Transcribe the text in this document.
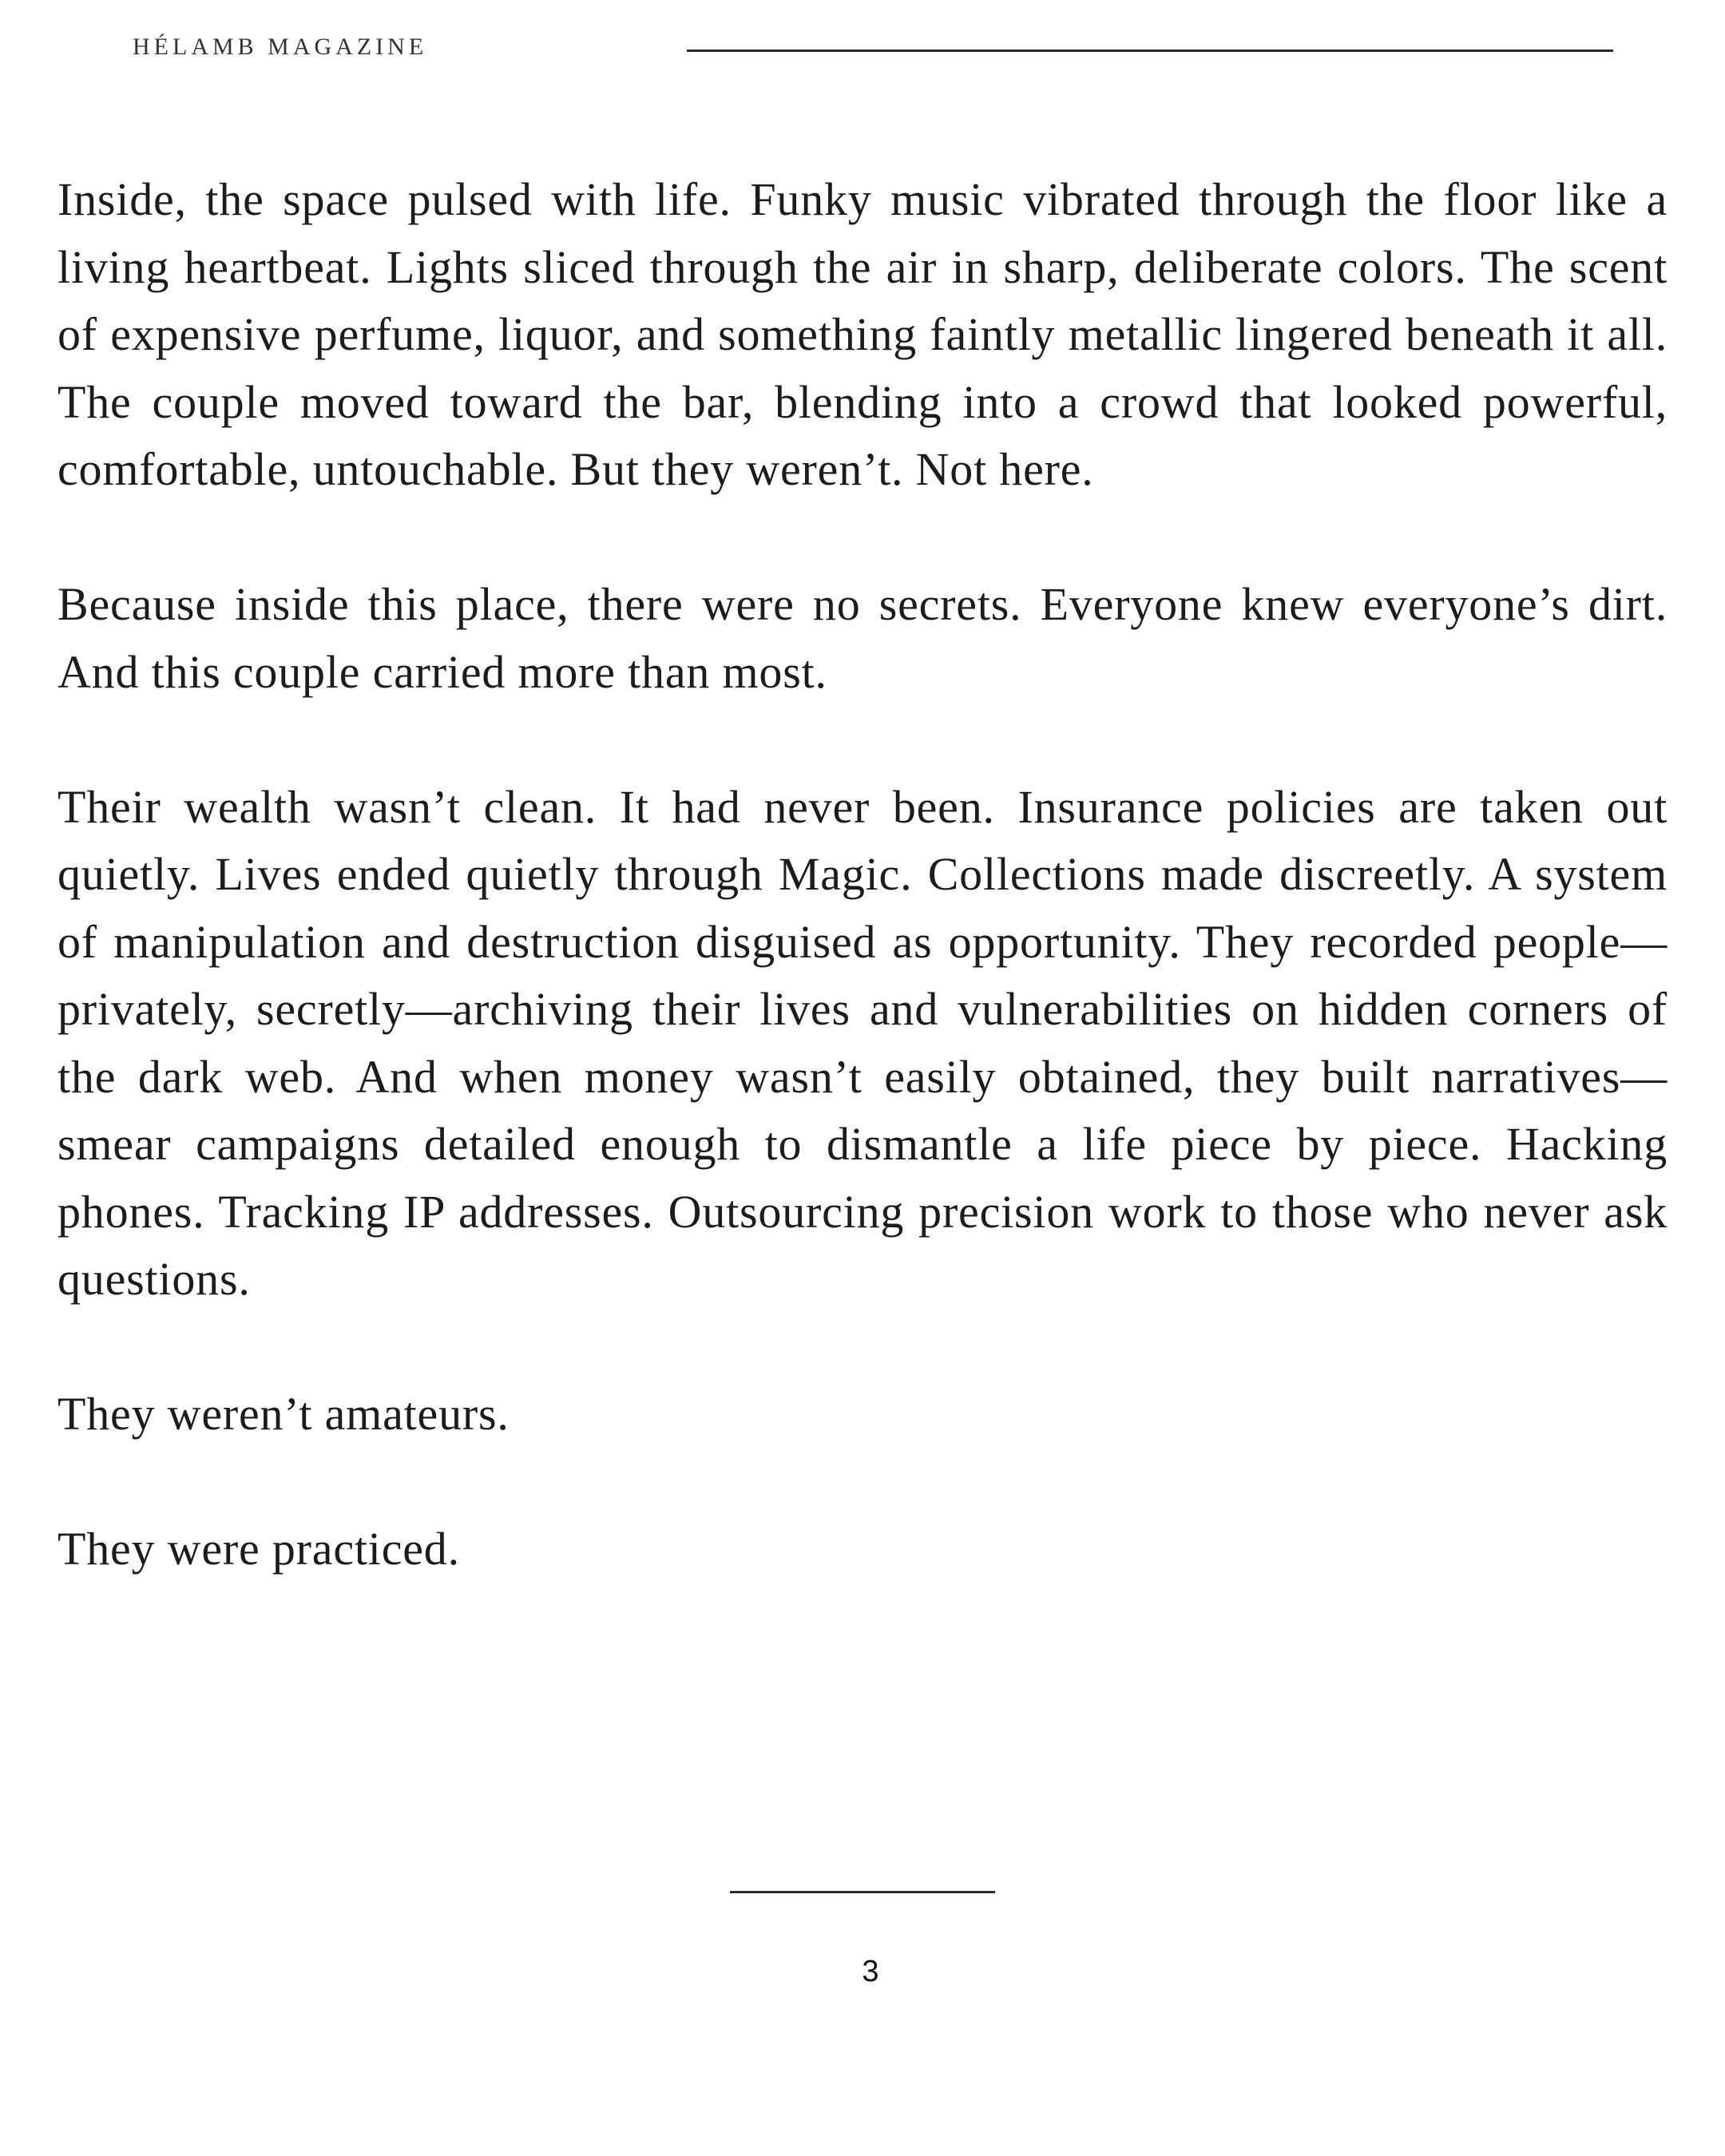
HÉLAMB MAGAZINE

Inside, the space pulsed with life. Funky music vibrated through the floor like a living heartbeat. Lights sliced through the air in sharp, deliberate colors. The scent of expensive perfume, liquor, and something faintly metallic lingered beneath it all. The couple moved toward the bar, blending into a crowd that looked powerful, comfortable, untouchable. But they weren’t. Not here.

Because inside this place, there were no secrets. Everyone knew everyone’s dirt. And this couple carried more than most.

Their wealth wasn’t clean. It had never been. Insurance policies are taken out quietly. Lives ended quietly through Magic. Collections made discreetly. A system of manipulation and destruction disguised as opportunity. They recorded people—privately, secretly—archiving their lives and vulnerabilities on hidden corners of the dark web. And when money wasn’t easily obtained, they built narratives—smear campaigns detailed enough to dismantle a life piece by piece. Hacking phones. Tracking IP addresses. Outsourcing precision work to those who never ask questions.

They weren’t amateurs.

They were practiced.

3
